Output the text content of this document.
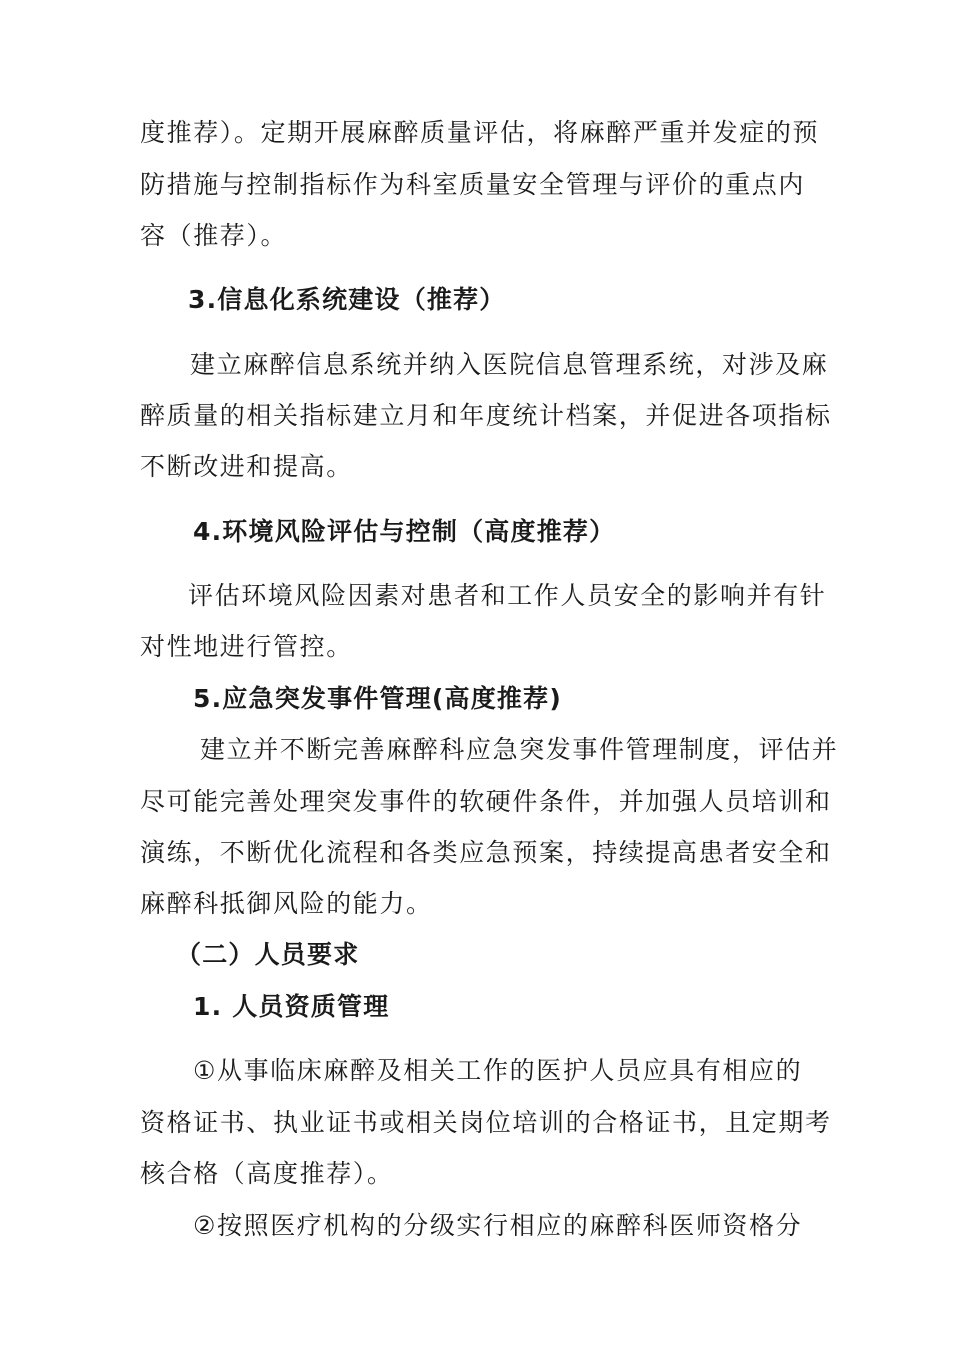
度推荐）。定期开展麻醉质量评估，将麻醉严重并发症的预
防措施与控制指标作为科室质量安全管理与评价的重点内
容（推荐）。
3.信息化系统建设（推荐）
建立麻醉信息系统并纳入医院信息管理系统，对涉及麻
醉质量的相关指标建立月和年度统计档案，并促进各项指标
不断改进和提高。
4.环境风险评估与控制（高度推荐）
评估环境风险因素对患者和工作人员安全的影响并有针
对性地进行管控。
5.应急突发事件管理(高度推荐)
建立并不断完善麻醉科应急突发事件管理制度，评估并
尽可能完善处理突发事件的软硬件条件，并加强人员培训和
演练，不断优化流程和各类应急预案，持续提高患者安全和
麻醉科抵御风险的能力。
（二）人员要求
1. 人员资质管理
①从事临床麻醉及相关工作的医护人员应具有相应的
资格证书、执业证书或相关岗位培训的合格证书，且定期考
核合格（高度推荐）。
②按照医疗机构的分级实行相应的麻醉科医师资格分
